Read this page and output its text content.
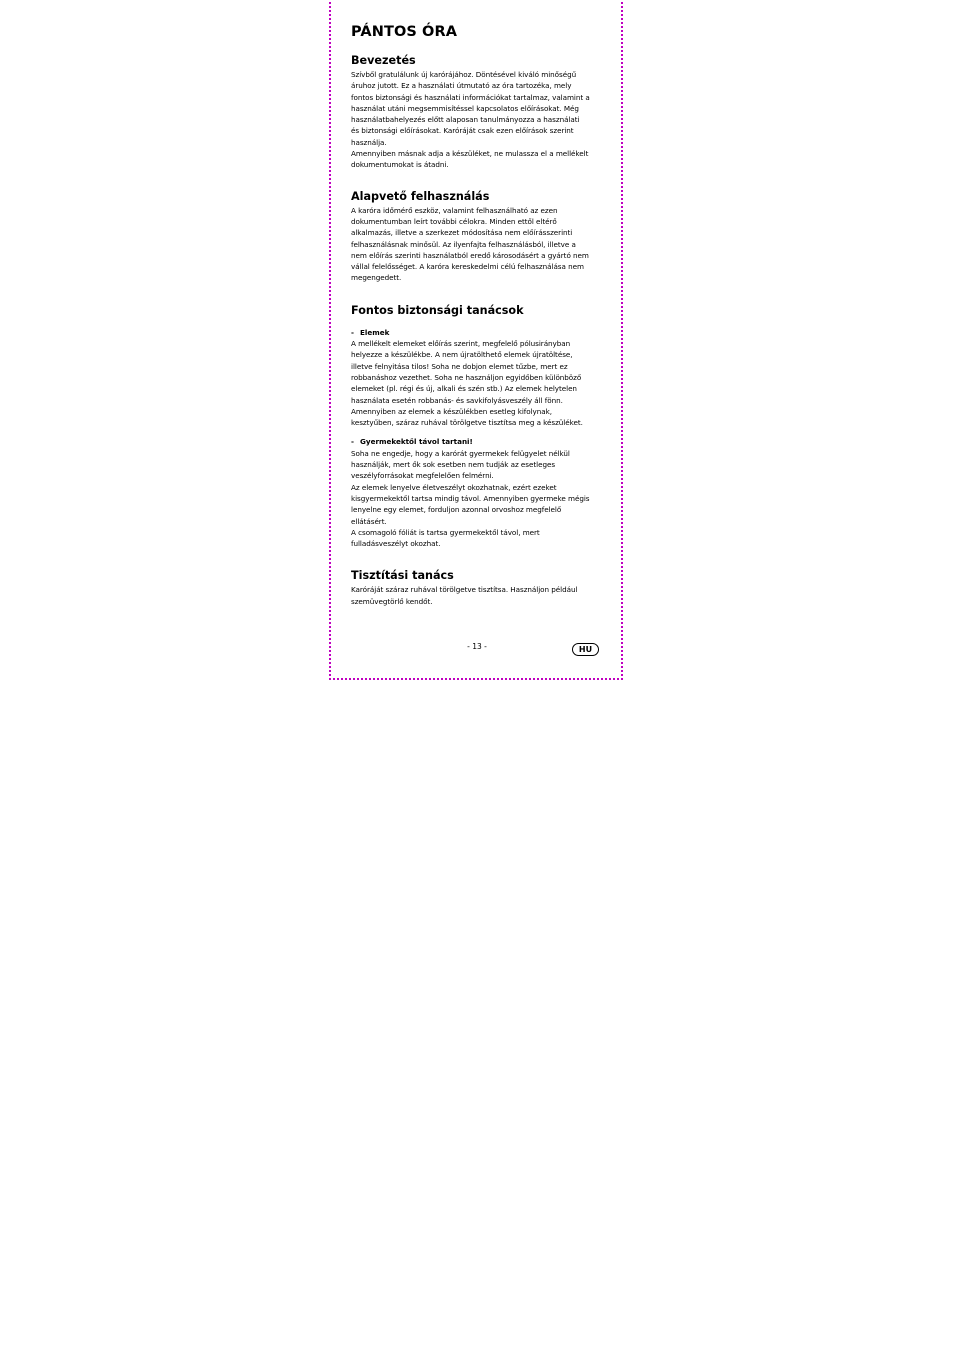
PÁNTOS ÓRA
Bevezetés
Szívből gratulálunk új karórájához. Döntésével kiváló minőségű
áruhoz jutott. Ez a használati útmutató az óra tartozéka, mely
fontos biztonsági és használati információkat tartalmaz, valamint a
használat utáni megsemmisítéssel kapcsolatos előírásokat. Még
használatbahelyezés előtt alaposan tanulmányozza a használati
és biztonsági előírásokat. Karóráját csak ezen előírások szerint
használja.
Amennyiben másnak adja a készüléket, ne mulassza el a mellékelt
dokumentumokat is átadni.
Alapvető felhasználás
A karóra időmérő eszköz, valamint felhasználható az ezen
dokumentumban leírt további célokra. Minden ettől eltérő
alkalmazás, illetve a szerkezet módosítása nem előírásszerinti
felhasználásnak minősül. Az ilyenfajta felhasználásból, illetve a
nem előírás szerinti használatból eredő károsodásért a gyártó nem
vállal felelősséget. A karóra kereskedelmi célú felhasználása nem
megengedett.
Fontos biztonsági tanácsok
- Elemek
A mellékelt elemeket előírás szerint, megfelelő pólusirányban
helyezze a készülékbe. A nem újratölthető elemek újratöltése,
illetve felnyitása tilos! Soha ne dobjon elemet tűzbe, mert ez
robbanáshoz vezethet. Soha ne használjon egyidőben különböző
elemeket (pl. régi és új, alkali és szén stb.) Az elemek helytelen
használata esetén robbanás- és savkifolyásveszély áll fönn.
Amennyiben az elemek a készülékben esetleg kifolynak,
kesztyűben, száraz ruhával törölgetve tisztítsa meg a készüléket.
- Gyermekektől távol tartani!
Soha ne engedje, hogy a karórát gyermekek felügyelet nélkül
használják, mert ők sok esetben nem tudják az esetleges
veszélyforrásokat megfelelően felmérni.
Az elemek lenyelve életveszélyt okozhatnak, ezért ezeket
kisgyermekektől tartsa mindig távol. Amennyiben gyermeke mégis
lenyelne egy elemet, forduljon azonnal orvoshoz megfelelő
ellátásért.
A csomagoló fóliát is tartsa gyermekektől távol, mert
fulladásveszélyt okozhat.
Tisztítási tanács
Karóráját száraz ruhával törölgetve tisztítsa. Használjon például
szemüvegtörlő kendőt.
- 13 -	HU
